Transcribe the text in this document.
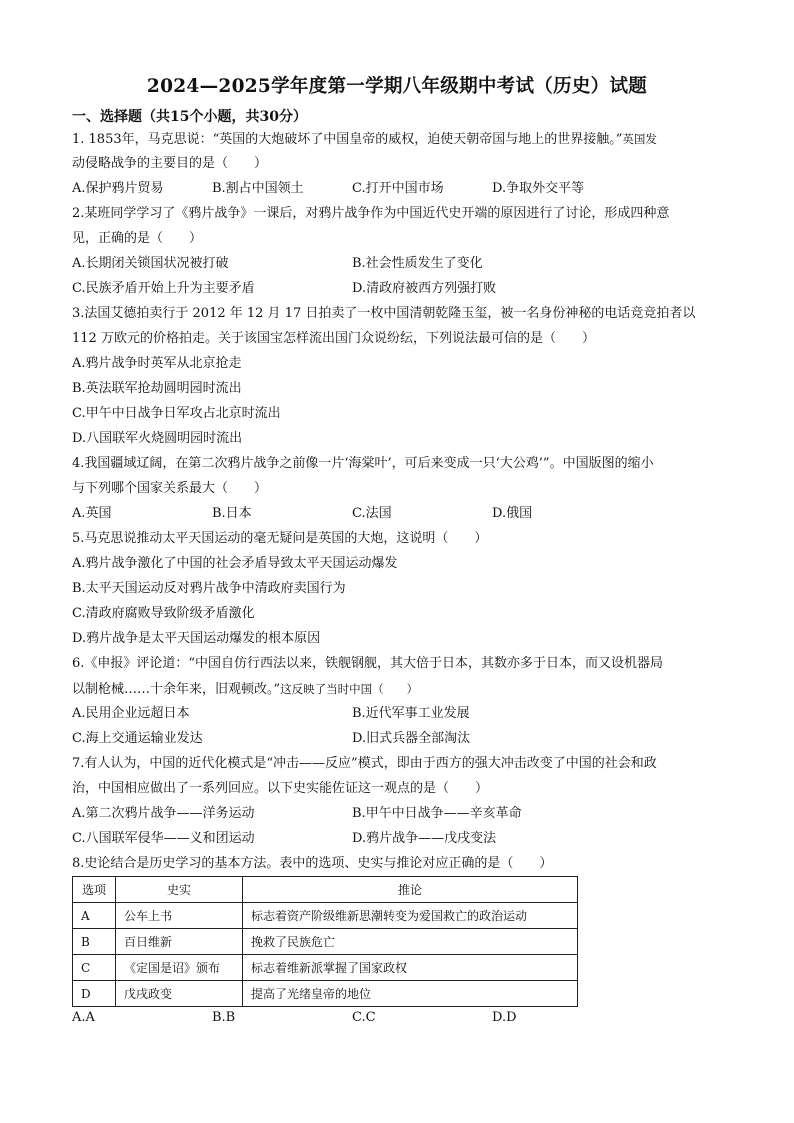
2024—2025学年度第一学期八年级期中考试（历史）试题
一、选择题（共15个小题，共30分）
1. 1853年，马克思说：“英国的大炮破坏了中国皇帝的威权，迫使天朝帝国与地上的世界接触。”英国发
动侵略战争的主要目的是（　　）
A.保护鸦片贸易	B.割占中国领土	C.打开中国市场	D.争取外交平等
2.某班同学学习了《鸦片战争》一课后，对鸦片战争作为中国近代史开端的原因进行了讨论，形成四种意
见，正确的是（　　）
A.长期闭关锁国状况被打破	B.社会性质发生了变化
C.民族矛盾开始上升为主要矛盾	D.清政府被西方列强打败
3.法国艾德拍卖行于 2012 年 12 月 17 日拍卖了一枚中国清朝乾隆玉玺，被一名身份神秘的电话竞竞拍者以
112 万欧元的价格拍走。关于该国宝怎样流出国门众说纷纭，下列说法最可信的是（　　）
A.鸦片战争时英军从北京抢走
B.英法联军抢劫圆明园时流出
C.甲午中日战争日军攻占北京时流出
D.八国联军火烧圆明园时流出
4.我国疆域辽阔，在第二次鸦片战争之前像一片‘海棠叶’，可后来变成一只‘大公鸡’”。中国版图的缩小
与下列哪个国家关系最大（　　）
A.英国	B.日本	C.法国	D.俄国
5.马克思说推动太平天国运动的毫无疑问是英国的大炮，这说明（　　）
A.鸦片战争激化了中国的社会矛盾导致太平天国运动爆发
B.太平天国运动反对鸦片战争中清政府卖国行为
C.清政府腐败导致阶级矛盾激化
D.鸦片战争是太平天国运动爆发的根本原因
6.《申报》评论道：“中国自仿行西法以来，铁舰钢舰，其大倍于日本，其数亦多于日本，而又设机器局
以制枪械……十余年来，旧观顿改。”这反映了当时中国（　　）
A.民用企业远超日本	B.近代军事工业发展
C.海上交通运输业发达	D.旧式兵器全部淘汰
7.有人认为，中国的近代化模式是“冲击——反应”模式，即由于西方的强大冲击改变了中国的社会和政
治，中国相应做出了一系列回应。以下史实能佐证这一观点的是（　　）
A.第二次鸦片战争——洋务运动	B.甲午中日战争——辛亥革命
C.八国联军侵华——义和团运动	D.鸦片战争——戊戌变法
8.史论结合是历史学习的基本方法。表中的选项、史实与推论对应正确的是（　　）
选项	史实	推论
A	公车上书	标志着资产阶级维新思潮转变为爱国救亡的政治运动
B	百日维新	挽救了民族危亡
C	《定国是诏》颁布	标志着维新派掌握了国家政权
D	戊戌政变	提高了光绪皇帝的地位
A.A	B.B	C.C	D.D
